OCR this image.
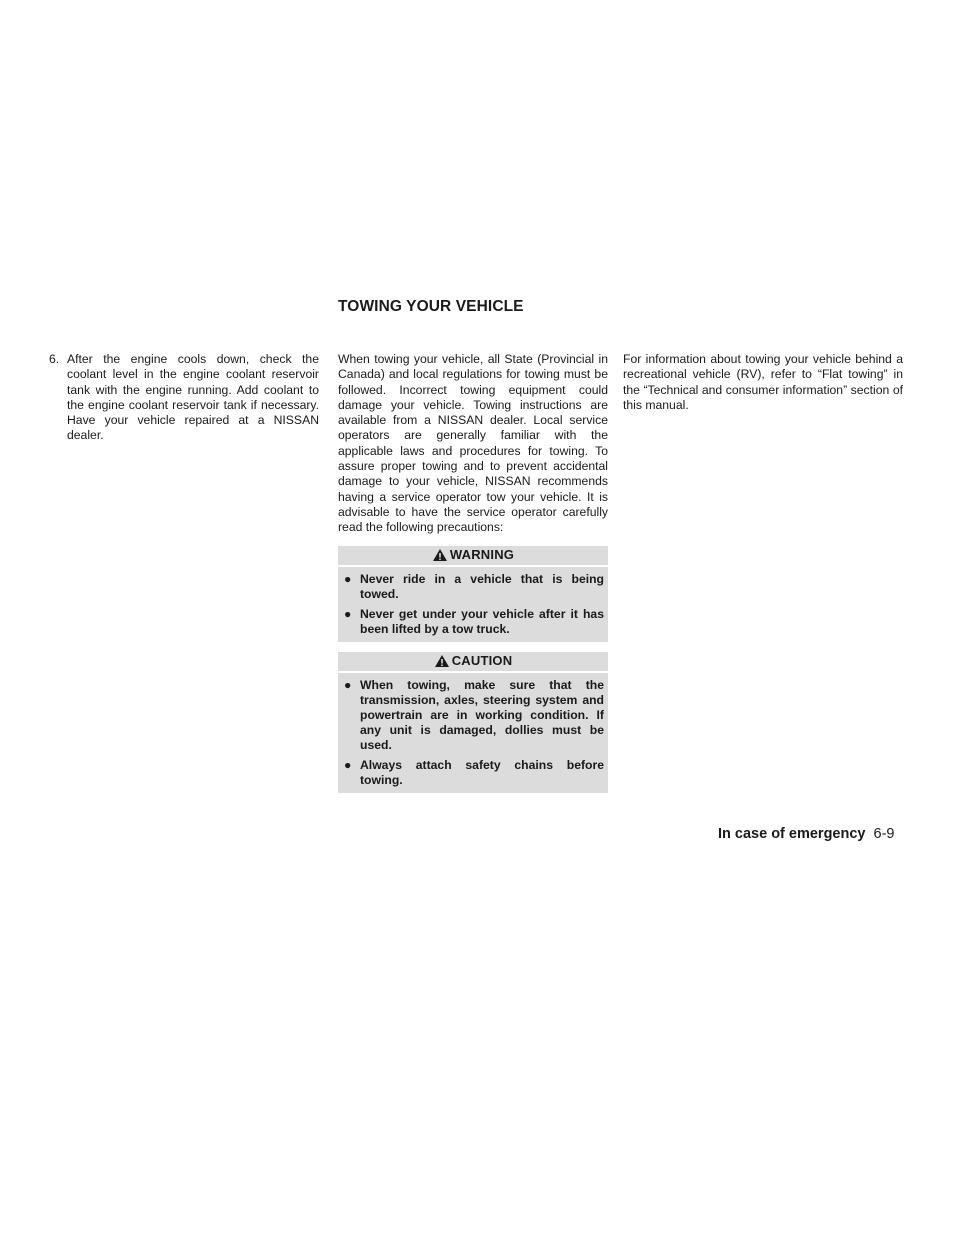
TOWING YOUR VEHICLE
6. After the engine cools down, check the coolant level in the engine coolant reservoir tank with the engine running. Add coolant to the engine coolant reservoir tank if necessary. Have your vehicle repaired at a NISSAN dealer.

When towing your vehicle, all State (Provincial in Canada) and local regulations for towing must be followed. Incorrect towing equipment could damage your vehicle. Towing instructions are available from a NISSAN dealer. Local service operators are generally familiar with the applicable laws and procedures for towing. To assure proper towing and to prevent accidental damage to your vehicle, NISSAN recommends having a service operator tow your vehicle. It is advisable to have the service operator carefully read the following precautions:

WARNING
● Never ride in a vehicle that is being towed.
● Never get under your vehicle after it has been lifted by a tow truck.
CAUTION
● When towing, make sure that the transmission, axles, steering system and powertrain are in working condition. If any unit is damaged, dollies must be used.
● Always attach safety chains before towing.

For information about towing your vehicle behind a recreational vehicle (RV), refer to “Flat towing” in the “Technical and consumer information” section of this manual.

In case of emergency 6-9
